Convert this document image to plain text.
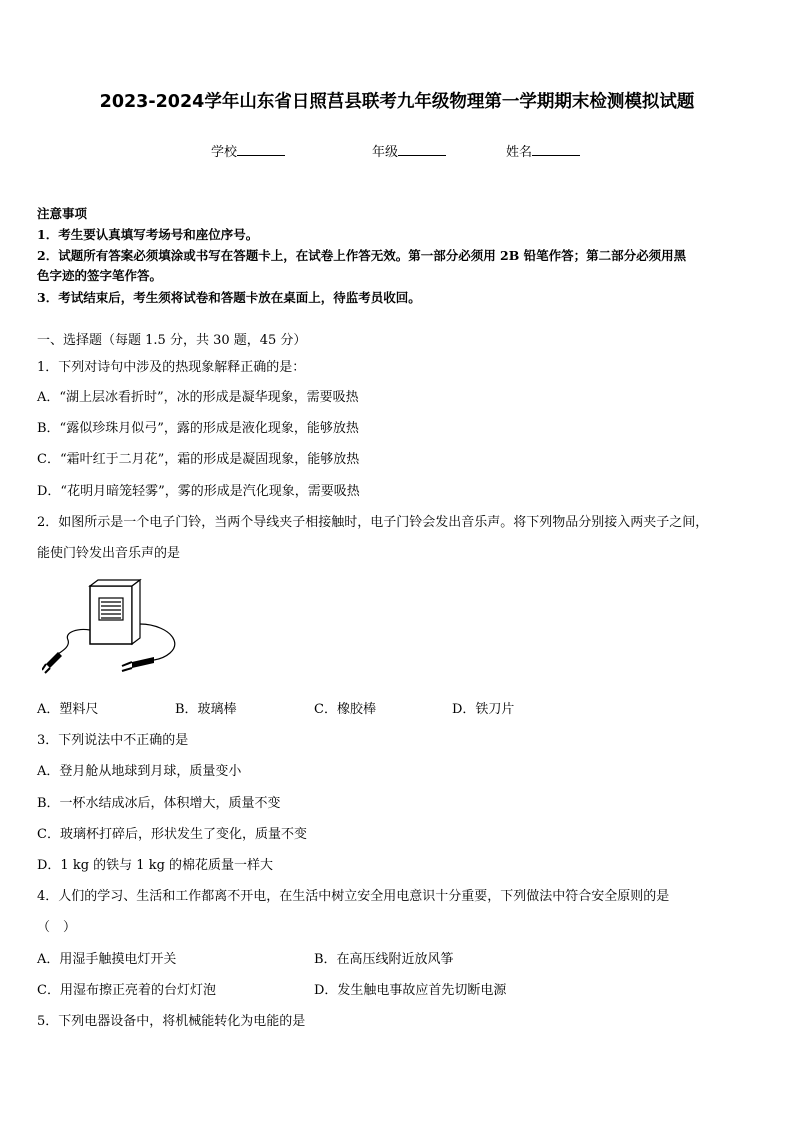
2023-2024学年山东省日照莒县联考九年级物理第一学期期末检测模拟试题
学校	年级	姓名
注意事项
1．考生要认真填写考场号和座位序号。
2．试题所有答案必须填涂或书写在答题卡上，在试卷上作答无效。第一部分必须用 2B 铅笔作答；第二部分必须用黑
色字迹的签字笔作答。
3．考试结束后，考生须将试卷和答题卡放在桌面上，待监考员收回。
一、选择题（每题 1.5 分，共 30 题，45 分）
1．下列对诗句中涉及的热现象解释正确的是：
A．“湖上层冰看折时”，冰的形成是凝华现象，需要吸热
B．“露似珍珠月似弓”，露的形成是液化现象，能够放热
C．“霜叶红于二月花”，霜的形成是凝固现象，能够放热
D．“花明月暗笼轻雾”，雾的形成是汽化现象，需要吸热
2．如图所示是一个电子门铃，当两个导线夹子相接触时，电子门铃会发出音乐声。将下列物品分别接入两夹子之间，
能使门铃发出音乐声的是
A．塑料尺	B．玻璃棒	C．橡胶棒	D．铁刀片
3．下列说法中不正确的是
A．登月舱从地球到月球，质量变小
B．一杯水结成冰后，体积增大，质量不变
C．玻璃杯打碎后，形状发生了变化，质量不变
D．1 kg 的铁与 1 kg 的棉花质量一样大
4．人们的学习、生活和工作都离不开电，在生活中树立安全用电意识十分重要，下列做法中符合安全原则的是
（　）
A．用湿手触摸电灯开关	B．在高压线附近放风筝
C．用湿布擦正亮着的台灯灯泡	D．发生触电事故应首先切断电源
5．下列电器设备中，将机械能转化为电能的是
